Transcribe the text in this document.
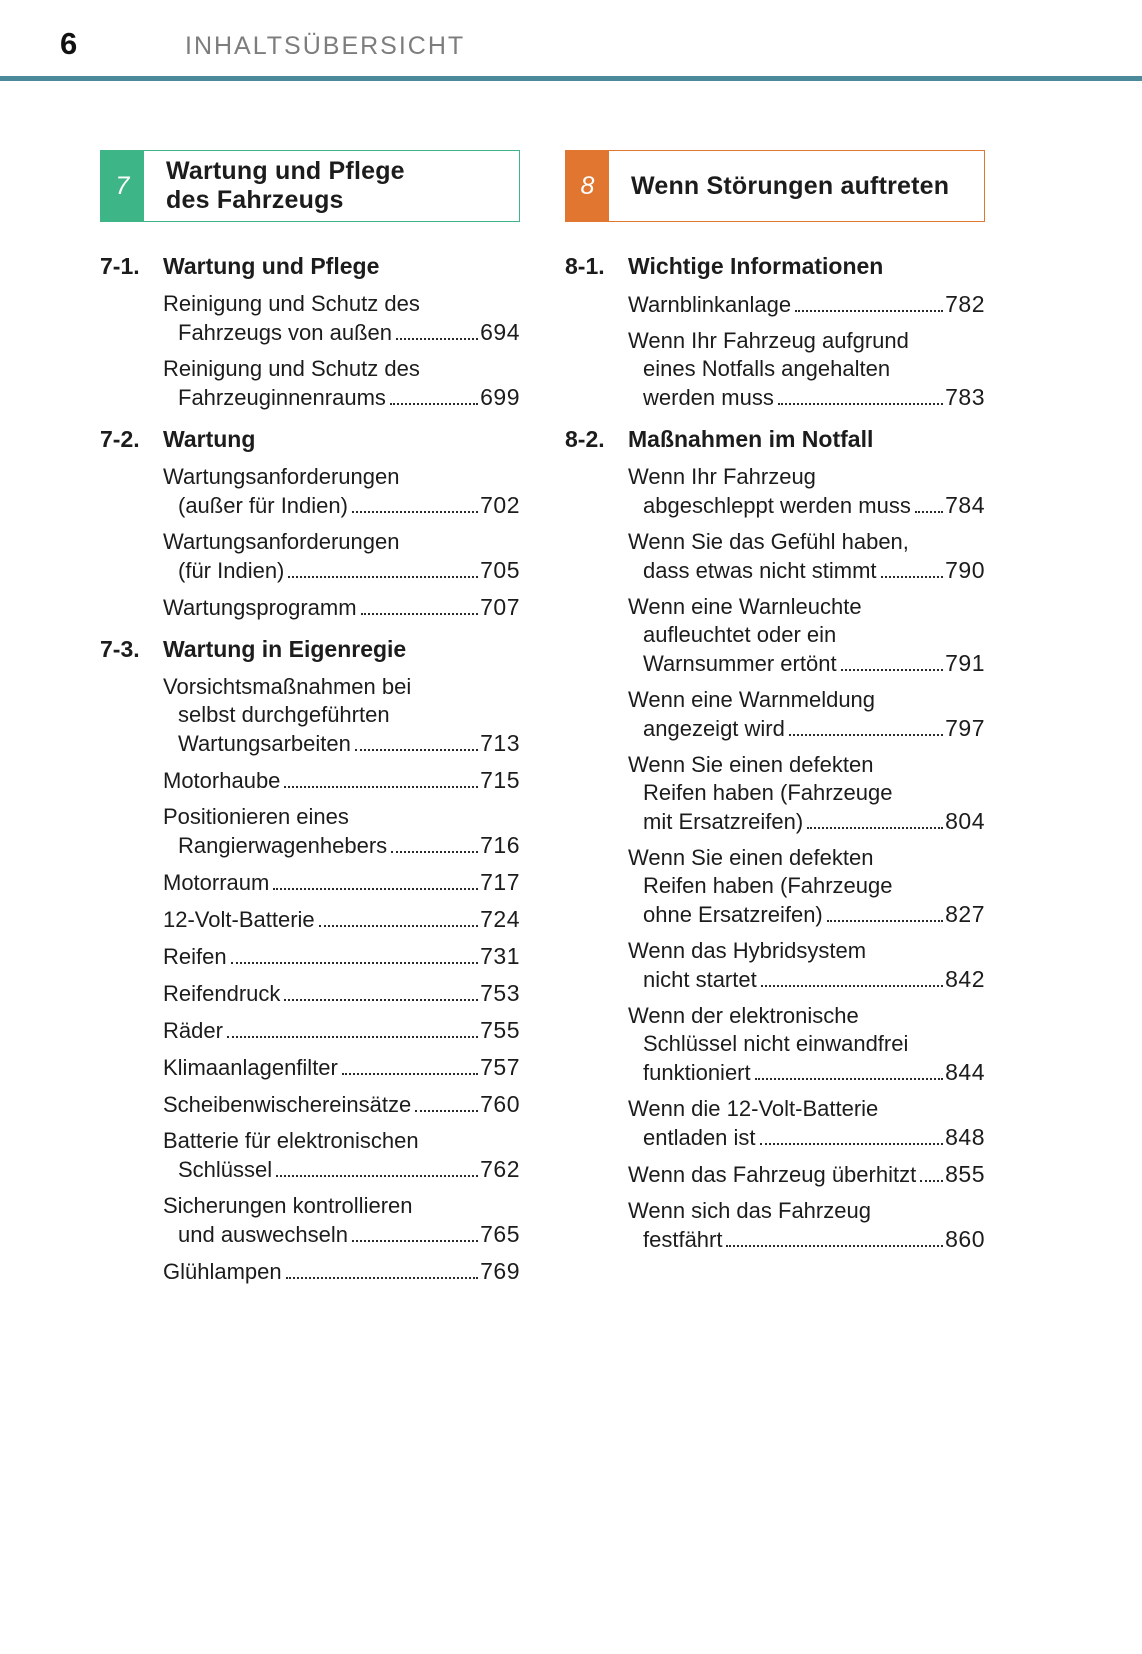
6	INHALTSÜBERSICHT
7
Wartung und Pflege
des Fahrzeugs
7-1.	Wartung und Pflege
Reinigung und Schutz des
Fahrzeugs von außen	694
Reinigung und Schutz des
Fahrzeuginnenraums	699
7-2.	Wartung
Wartungsanforderungen
(außer für Indien)	702
Wartungsanforderungen
(für Indien)	705
Wartungsprogramm	707
7-3.	Wartung in Eigenregie
Vorsichtsmaßnahmen bei
selbst durchgeführten
Wartungsarbeiten	713
Motorhaube	715
Positionieren eines
Rangierwagenhebers	716
Motorraum	717
12-Volt-Batterie	724
Reifen	731
Reifendruck	753
Räder	755
Klimaanlagenfilter	757
Scheibenwischereinsätze	760
Batterie für elektronischen
Schlüssel	762
Sicherungen kontrollieren
und auswechseln	765
Glühlampen	769
8	Wenn Störungen auftreten
8-1.	Wichtige Informationen
Warnblinkanlage	782
Wenn Ihr Fahrzeug aufgrund
eines Notfalls angehalten
werden muss	783
8-2.	Maßnahmen im Notfall
Wenn Ihr Fahrzeug
abgeschleppt werden muss 784
Wenn Sie das Gefühl haben,
dass etwas nicht stimmt	790
Wenn eine Warnleuchte
aufleuchtet oder ein
Warnsummer ertönt	791
Wenn eine Warnmeldung
angezeigt wird	797
Wenn Sie einen defekten
Reifen haben (Fahrzeuge
mit Ersatzreifen)	804
Wenn Sie einen defekten
Reifen haben (Fahrzeuge
ohne Ersatzreifen)	827
Wenn das Hybridsystem
nicht startet	842
Wenn der elektronische
Schlüssel nicht einwandfrei
funktioniert	844
Wenn die 12-Volt-Batterie
entladen ist	848
Wenn das Fahrzeug überhitzt 855
Wenn sich das Fahrzeug
festfährt	860
